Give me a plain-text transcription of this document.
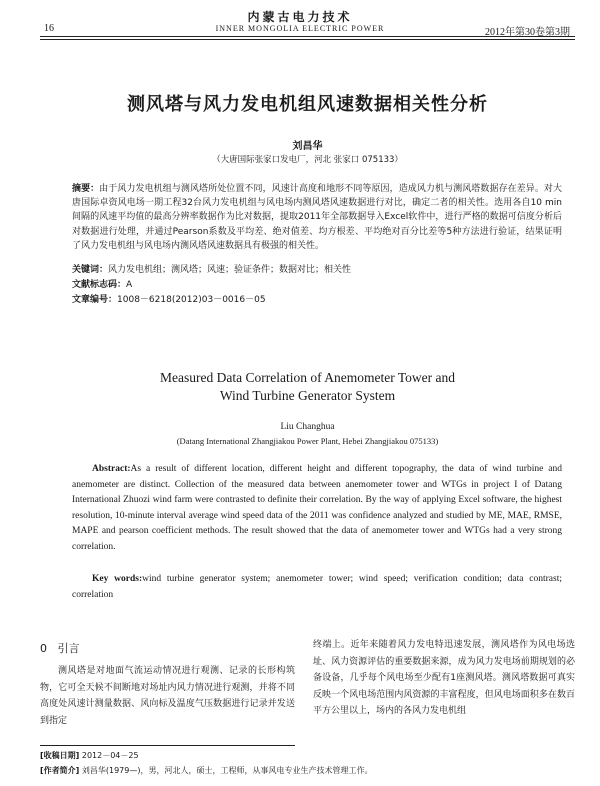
内蒙古电力技术
INNER MONGOLIA ELECTRIC POWER
16	2012年第30卷第3期
测风塔与风力发电机组风速数据相关性分析
刘昌华
（大唐国际张家口发电厂，河北 张家口 075133）
摘要：由于风力发电机组与测风塔所处位置不同，风速计高度和地形不同等原因，造成风力机与测风塔数据存在差异。对大唐国际卓资风电场一期工程32台风力发电机组与风电场内测风塔风速数据进行对比，确定二者的相关性。选用各自10 min间隔的风速平均值的最高分辨率数据作为比对数据，提取2011年全部数据导入Excel软件中，进行严格的数据可信度分析后对数据进行处理，并通过Pearson系数及平均差、绝对值差、均方根差、平均绝对百分比差等5种方法进行验证，结果证明了风力发电机组与风电场内测风塔风速数据具有极强的相关性。
关键词：风力发电机组；测风塔；风速；验证条件；数据对比；相关性
文献标志码：A
文章编号：1008－6218(2012)03－0016－05
Measured Data Correlation of Anemometer Tower and
Wind Turbine Generator System
Liu Changhua
(Datang International Zhangjiakou Power Plant, Hebei Zhangjiakou 075133)
Abstract:As a result of different location, different height and different topography, the data of wind turbine and anemometer are distinct. Collection of the measured data between anemometer tower and WTGs in project I of Datang International Zhuozi wind farm were contrasted to definite their correlation. By the way of applying Excel software, the highest resolution, 10-minute interval average wind speed data of the 2011 was confidence analyzed and studied by ME, MAE, RMSE, MAPE and pearson coefficient methods. The result showed that the data of anemometer tower and WTGs had a very strong correlation.
Key words:wind turbine generator system; anemometer tower; wind speed; verification condition; data contrast; correlation
0 引言
测风塔是对地面气流运动情况进行观测、记录的长形构筑物，它可全天候不间断地对场址内风力情况进行观测，并将不同高度处风速计测量数据、风向标及温度气压数据进行记录并发送到指定
终端上。近年来随着风力发电特迅速发展，测风塔作为风电场选址、风力资源评估的重要数据来源，成为风力发电场前期规划的必备设备，几乎每个风电场至少配有1座测风塔。测风塔数据可真实反映一个风电场范围内风资源的丰富程度，但风电场面积多在数百平方公里以上，场内的各风力发电机组
[收稿日期] 2012－04－25
[作者简介] 刘昌华(1979—)，男，河北人，硕士，工程师，从事风电专业生产技术管理工作。
